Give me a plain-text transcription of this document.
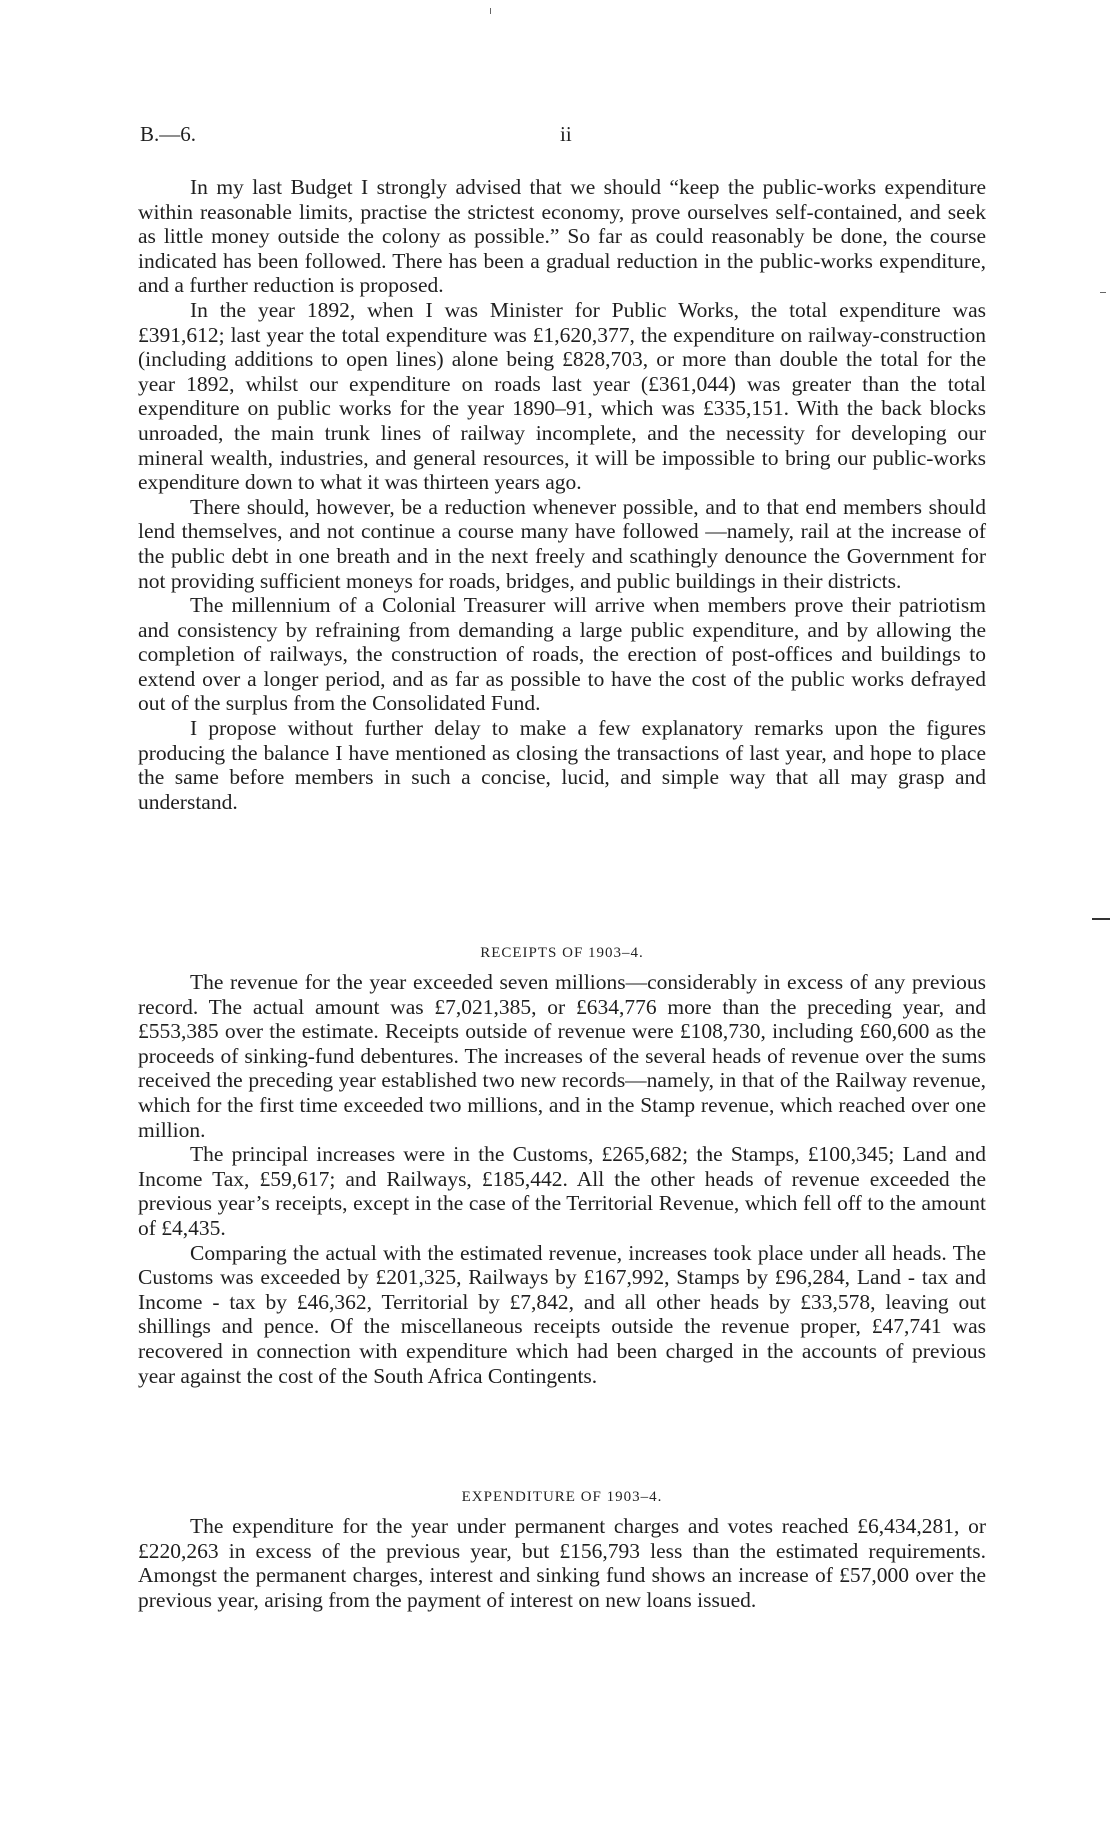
B.—6.	ii

In my last Budget I strongly advised that we should “keep the public-works expenditure within reasonable limits, practise the strictest economy, prove ourselves self-contained, and seek as little money outside the colony as possible.” So far as could reasonably be done, the course indicated has been followed. There has been a gradual reduction in the public-works expenditure, and a further reduction is proposed.

In the year 1892, when I was Minister for Public Works, the total expenditure was £391,612; last year the total expenditure was £1,620,377, the expenditure on railway-construction (including additions to open lines) alone being £828,703, or more than double the total for the year 1892, whilst our expenditure on roads last year (£361,044) was greater than the total expenditure on public works for the year 1890–91, which was £335,151. With the back blocks unroaded, the main trunk lines of railway incomplete, and the necessity for developing our mineral wealth, industries, and general resources, it will be impossible to bring our public-works expenditure down to what it was thirteen years ago.

There should, however, be a reduction whenever possible, and to that end members should lend themselves, and not continue a course many have followed —namely, rail at the increase of the public debt in one breath and in the next freely and scathingly denounce the Government for not providing sufficient moneys for roads, bridges, and public buildings in their districts.

The millennium of a Colonial Treasurer will arrive when members prove their patriotism and consistency by refraining from demanding a large public expenditure, and by allowing the completion of railways, the construction of roads, the erection of post-offices and buildings to extend over a longer period, and as far as possible to have the cost of the public works defrayed out of the surplus from the Consolidated Fund.

I propose without further delay to make a few explanatory remarks upon the figures producing the balance I have mentioned as closing the transactions of last year, and hope to place the same before members in such a concise, lucid, and simple way that all may grasp and understand.

RECEIPTS OF 1903–4.

The revenue for the year exceeded seven millions—considerably in excess of any previous record. The actual amount was £7,021,385, or £634,776 more than the preceding year, and £553,385 over the estimate. Receipts outside of revenue were £108,730, including £60,600 as the proceeds of sinking-fund debentures. The increases of the several heads of revenue over the sums received the preceding year established two new records—namely, in that of the Railway revenue, which for the first time exceeded two millions, and in the Stamp revenue, which reached over one million.

The principal increases were in the Customs, £265,682; the Stamps, £100,345; Land and Income Tax, £59,617; and Railways, £185,442. All the other heads of revenue exceeded the previous year’s receipts, except in the case of the Territorial Revenue, which fell off to the amount of £4,435.

Comparing the actual with the estimated revenue, increases took place under all heads. The Customs was exceeded by £201,325, Railways by £167,992, Stamps by £96,284, Land - tax and Income - tax by £46,362, Territorial by £7,842, and all other heads by £33,578, leaving out shillings and pence. Of the miscellaneous receipts outside the revenue proper, £47,741 was recovered in connection with expenditure which had been charged in the accounts of previous year against the cost of the South Africa Contingents.

EXPENDITURE OF 1903–4.

The expenditure for the year under permanent charges and votes reached £6,434,281, or £220,263 in excess of the previous year, but £156,793 less than the estimated requirements. Amongst the permanent charges, interest and sinking fund shows an increase of £57,000 over the previous year, arising from the payment of interest on new loans issued.
